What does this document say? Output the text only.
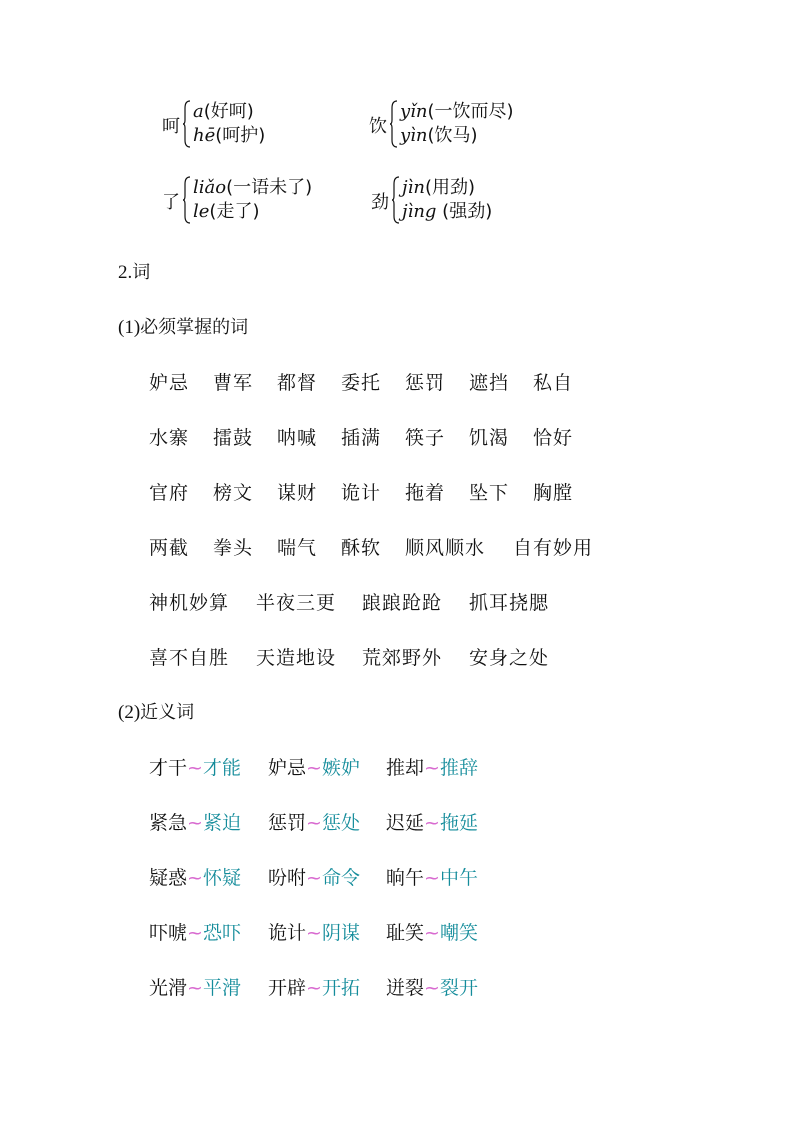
呵
a(好呵)
hē(呵护)	饮
yǐn(一饮而尽)
yìn(饮马)
了
liǎo(一语未了)
le(走了)	劲
jìn(用劲)
jìng (强劲)
2.词
(1)必须掌握的词
妒忌 曹军 都督 委托 惩罚 遮挡 私自
水寨 擂鼓 呐喊 插满 筷子 饥渴 恰好
官府 榜文 谋财 诡计 拖着 坠下 胸膛
两截 拳头 喘气 酥软 顺风顺水 自有妙用
神机妙算 半夜三更 踉踉跄跄 抓耳挠腮
喜不自胜 天造地设 荒郊野外 安身之处
(2)近义词
才干~才能 妒忌~嫉妒 推却~推辞
紧急~紧迫 惩罚~惩处 迟延~拖延
疑惑~怀疑 吩咐~命令 晌午~中午
吓唬~恐吓 诡计~阴谋 耻笑~嘲笑
光滑~平滑 开辟~开拓 迸裂~裂开
